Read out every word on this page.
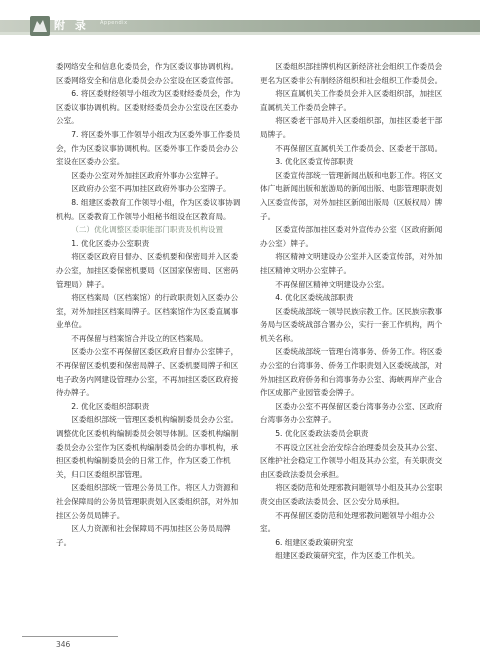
附 录 Appendix

委网络安全和信息化委员会，作为区委议事协调机构。区委网络安全和信息化委员会办公室设在区委宣传部。

6. 将区委财经领导小组改为区委财经委员会，作为区委议事协调机构。区委财经委员会办公室设在区委办公室。

7. 将区委外事工作领导小组改为区委外事工作委员会，作为区委议事协调机构。区委外事工作委员会办公室设在区委办公室。

区委办公室对外加挂区政府外事办公室牌子。

区政府办公室不再加挂区政府外事办公室牌子。

8. 组建区委教育工作领导小组，作为区委议事协调机构。区委教育工作领导小组秘书组设在区教育局。

（二）优化调整区委职能部门职责及机构设置

1. 优化区委办公室职责

将区委区政府目督办、区委机要和保密局并入区委办公室，加挂区委保密机要局（区国家保密局、区密码管理局）牌子。

将区档案局（区档案馆）的行政职责划入区委办公室，对外加挂区档案局牌子。区档案馆作为区委直属事业单位。

不再保留与档案馆合并设立的区档案局。

区委办公室不再保留区委区政府目督办公室牌子，不再保留区委机要和保密局牌子、区委机要局牌子和区电子政务内网建设管理办公室，不再加挂区委区政府接待办牌子。

2. 优化区委组织部职责

区委组织部统一管理区委机构编制委员会办公室。调整优化区委机构编制委员会领导体制。区委机构编制委员会办公室作为区委机构编制委员会的办事机构，承担区委机构编制委员会的日常工作，作为区委工作机关，归口区委组织部管理。

区委组织部统一管理公务员工作。将区人力资源和社会保障局的公务员管理职责划入区委组织部，对外加挂区公务员局牌子。

区人力资源和社会保障局不再加挂区公务员局牌子。

区委组织部挂牌机构区新经济社会组织工作委员会更名为区委非公有制经济组织和社会组织工作委员会。

将区直属机关工作委员会并入区委组织部，加挂区直属机关工作委员会牌子。

将区委老干部局并入区委组织部，加挂区委老干部局牌子。

不再保留区直属机关工作委员会、区委老干部局。

3. 优化区委宣传部职责

区委宣传部统一管理新闻出版和电影工作。将区文体广电新闻出版和旅游局的新闻出版、电影管理职责划入区委宣传部，对外加挂区新闻出版局（区版权局）牌子。

区委宣传部加挂区委对外宣传办公室（区政府新闻办公室）牌子。

将区精神文明建设办公室并入区委宣传部，对外加挂区精神文明办公室牌子。

不再保留区精神文明建设办公室。

4. 优化区委统战部职责

区委统战部统一领导民族宗教工作。区民族宗教事务局与区委统战部合署办公，实行一套工作机构，两个机关名称。

区委统战部统一管理台湾事务、侨务工作。将区委办公室的台湾事务、侨务工作职责划入区委统战部，对外加挂区政府侨务和台湾事务办公室、海峡两岸产业合作区成都产业园管委会牌子。

区委办公室不再保留区委台湾事务办公室、区政府台湾事务办公室牌子。

5. 优化区委政法委员会职责

不再设立区社会治安综合治理委员会及其办公室、区维护社会稳定工作领导小组及其办公室，有关职责交由区委政法委员会承担。

将区委防范和处理邪教问题领导小组及其办公室职责交由区委政法委员会、区公安分局承担。

不再保留区委防范和处理邪教问题领导小组办公室。

6. 组建区委政策研究室

组建区委政策研究室，作为区委工作机关。

346
